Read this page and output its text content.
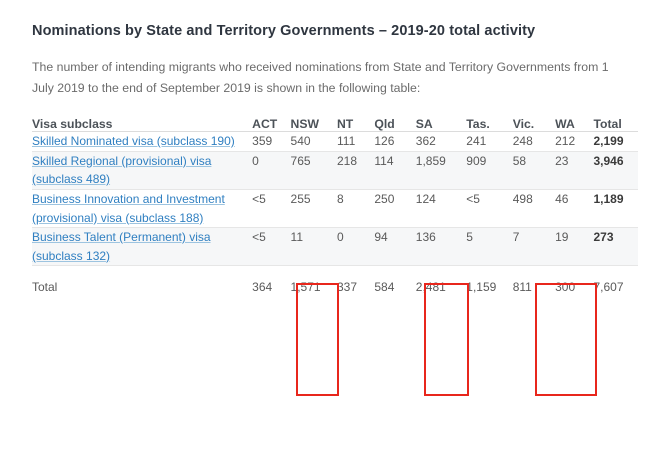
Nominations by State and Territory Governments – 2019-20 total activity

The number of intending migrants who received nominations from State and Territory Governments from 1 July 2019 to the end of September 2019 is shown in the following table:

Visa subclass	ACT	NSW	NT	Qld	SA	Tas.	Vic.	WA	Total
Skilled Nominated visa (subclass 190)	359	540	111	126	362	241	248	212	2,199
Skilled Regional (provisional) visa (subclass 489)	0	765	218	114	1,859	909	58	23	3,946
Business Innovation and Investment (provisional) visa (subclass 188)	<5	255	8	250	124	<5	498	46	1,189
Business Talent (Permanent) visa (subclass 132)	<5	11	0	94	136	5	7	19	273
Total	364	1,571	337	584	2,481	1,159	811	300	7,607
